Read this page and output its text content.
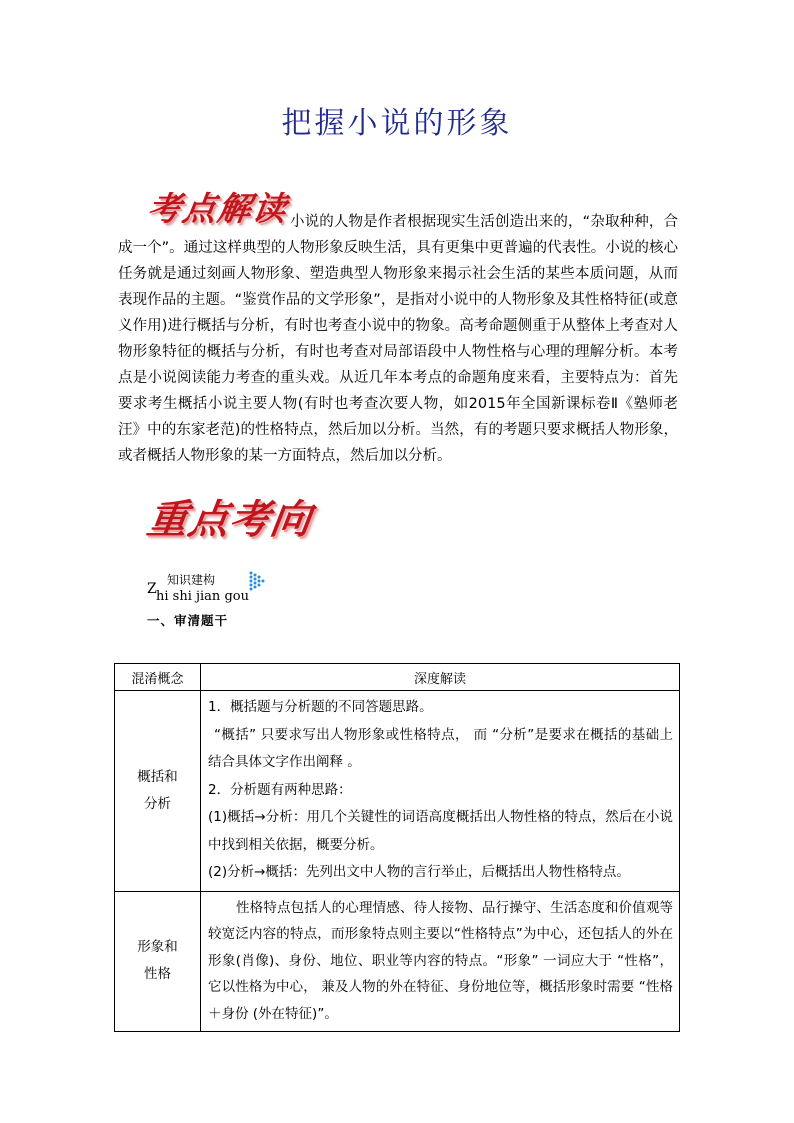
把握小说的形象
考点解读 小说的人物是作者根据现实生活创造出来的，“杂取种种，合成一个”。通过这样典型的人物形象反映生活，具有更集中更普遍的代表性。小说的核心任务就是通过刻画人物形象、塑造典型人物形象来揭示社会生活的某些本质问题，从而表现作品的主题。“鉴赏作品的文学形象”，是指对小说中的人物形象及其性格特征(或意义作用)进行概括与分析，有时也考查小说中的物象。高考命题侧重于从整体上考查对人物形象特征的概括与分析，有时也考查对局部语段中人物性格与心理的理解分析。本考点是小说阅读能力考查的重头戏。从近几年本考点的命题角度来看，主要特点为：首先要求考生概括小说主要人物(有时也考查次要人物，如2015年全国新课标卷Ⅱ《塾师老汪》中的东家老范)的性格特点，然后加以分析。当然，有的考题只要求概括人物形象，或者概括人物形象的某一方面特点，然后加以分析。
重点考向
Z
知识建构
hi shi jian gou
一、审清题干
混淆概念	深度解读

概括和
分析	1．概括题与分析题的不同答题思路。
“概括” 只要求写出人物形象或性格特点， 而 “分析”是要求在概括的基础上结合具体文字作出阐释 。
2．分析题有两种思路：
(1)概括→分析：用几个关键性的词语高度概括出人物性格的特点，然后在小说中找到相关依据，概要分析。
(2)分析→概括：先列出文中人物的言行举止，后概括出人物性格特点。

形象和
性格	性格特点包括人的心理情感、待人接物、品行操守、生活态度和价值观等较宽泛内容的特点，而形象特点则主要以“性格特点”为中心，还包括人的外在形象(肖像)、身份、地位、职业等内容的特点。“形象” 一词应大于 “性格”，它以性格为中心， 兼及人物的外在特征、身份地位等，概括形象时需要 “性格＋身份 (外在特征)”。
